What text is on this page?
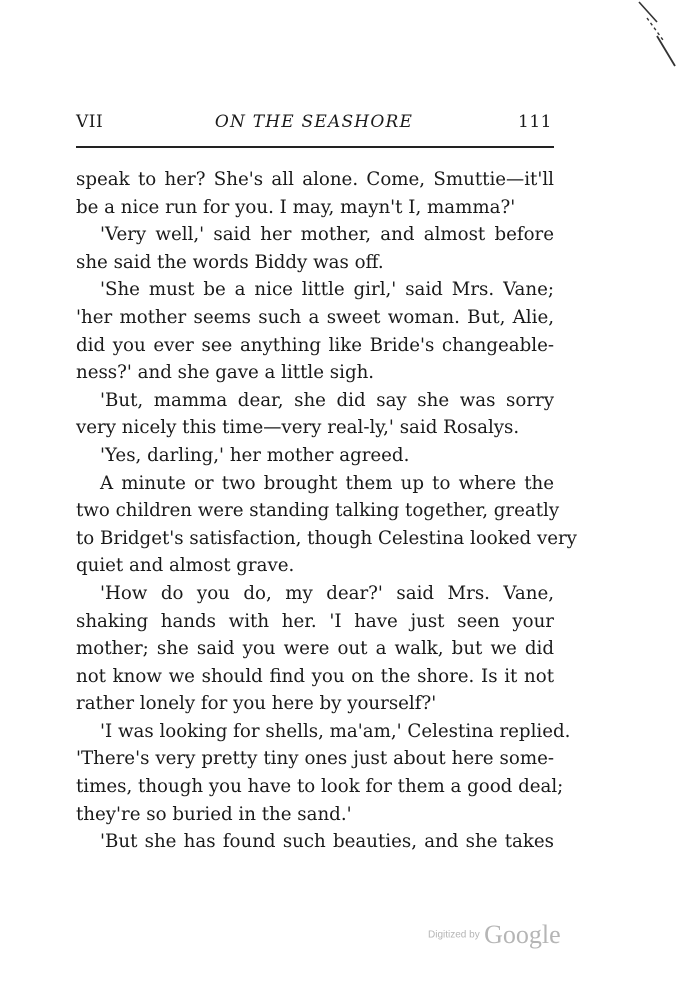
VII	ON THE SEASHORE	111
speak to her? She's all alone. Come, Smuttie—it'll
be a nice run for you. I may, mayn't I, mamma?'
'Very well,' said her mother, and almost before
she said the words Biddy was off.
'She must be a nice little girl,' said Mrs. Vane;
'her mother seems such a sweet woman. But, Alie,
did you ever see anything like Bride's changeable-
ness?' and she gave a little sigh.
'But, mamma dear, she did say she was sorry
very nicely this time—very real-ly,' said Rosalys.
'Yes, darling,' her mother agreed.
A minute or two brought them up to where the
two children were standing talking together, greatly
to Bridget's satisfaction, though Celestina looked very
quiet and almost grave.
'How do you do, my dear?' said Mrs. Vane,
shaking hands with her. 'I have just seen your
mother; she said you were out a walk, but we did
not know we should find you on the shore. Is it not
rather lonely for you here by yourself?'
'I was looking for shells, ma'am,' Celestina replied.
'There's very pretty tiny ones just about here some-
times, though you have to look for them a good deal;
they're so buried in the sand.'
'But she has found such beauties, and she takes
Digitized by Google
